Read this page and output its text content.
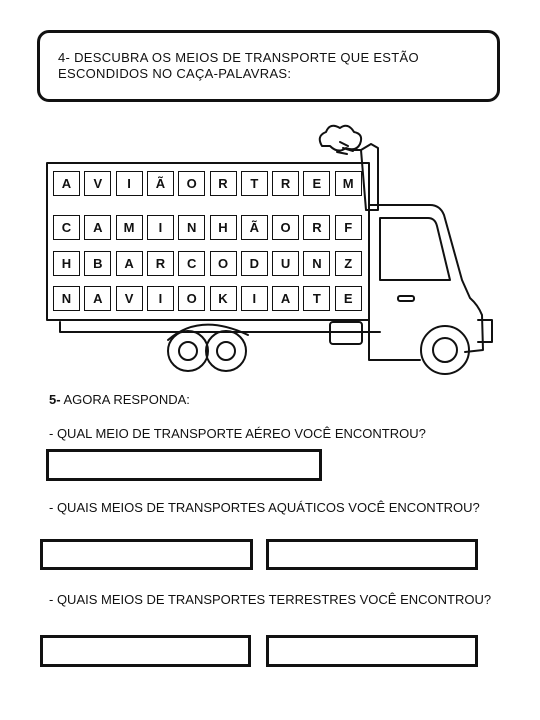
4- DESCUBRA OS MEIOS DE TRANSPORTE QUE ESTÃO ESCONDIDOS NO CAÇA-PALAVRAS:
A	V	I	Ã	O	R	T	R	E	M
C	A	M	I	N	H	Ã	O	R	F
H	B	A	R	C	O	D	U	N	Z
N	A	V	I	O	K	I	A	T	E
5- AGORA RESPONDA:
- QUAL MEIO DE TRANSPORTE AÉREO VOCÊ ENCONTROU?
- QUAIS MEIOS DE TRANSPORTES AQUÁTICOS VOCÊ ENCONTROU?
- QUAIS MEIOS DE TRANSPORTES TERRESTRES VOCÊ ENCONTROU?
